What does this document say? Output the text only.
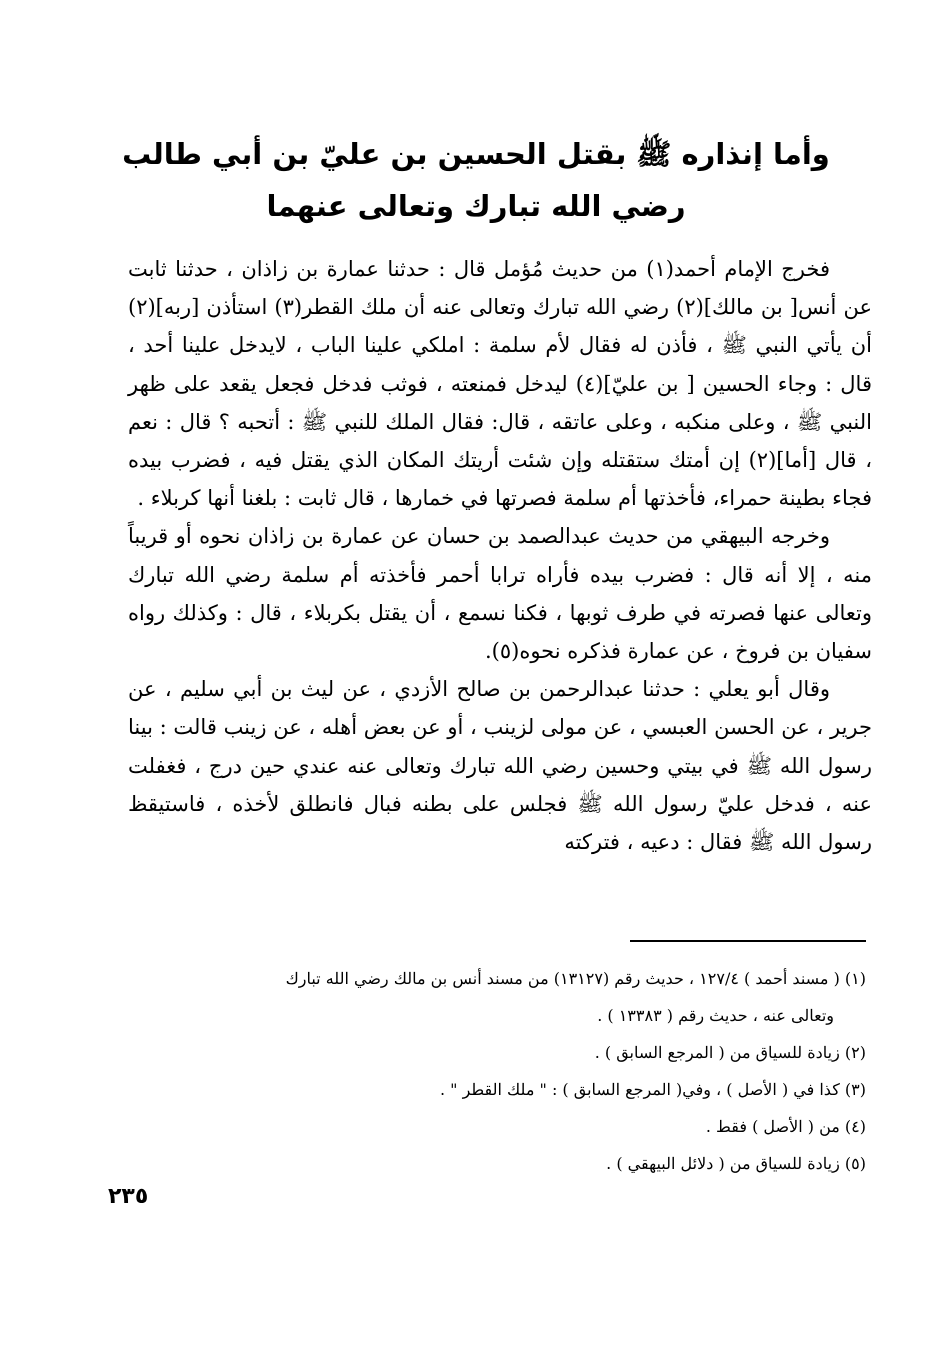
وأما إنذاره ﷺ بقتل الحسين بن عليّ بن أبي طالب
رضي الله تبارك وتعالى عنهما

فخرج الإمام أحمد(١) من حديث مُؤمل قال : حدثنا عمارة بن زاذان ، حدثنا ثابت عن أنس[ بن مالك](٢) رضي الله تبارك وتعالى عنه أن ملك القطر(٣) استأذن [ربه](٢) أن يأتي النبي ﷺ ، فأذن له فقال لأم سلمة : املكي علينا الباب ، لايدخل علينا أحد ، قال : وجاء الحسين [ بن عليّ](٤) ليدخل فمنعته ، فوثب فدخل فجعل يقعد على ظهر النبي ﷺ ، وعلى منكبه ، وعلى عاتقه ، قال: فقال الملك للنبي ﷺ : أتحبه ؟ قال : نعم ، قال [أما](٢) إن أمتك ستقتله وإن شئت أريتك المكان الذي يقتل فيه ، فضرب بيده فجاء بطينة حمراء، فأخذتها أم سلمة فصرتها في خمارها ، قال ثابت : بلغنا أنها كربلاء .

وخرجه البيهقي من حديث عبدالصمد بن حسان عن عمارة بن زاذان نحوه أو قريباً منه ، إلا أنه قال : فضرب بيده فأراه ترابا أحمر فأخذته أم سلمة رضي الله تبارك وتعالى عنها فصرته في طرف ثوبها ، فكنا نسمع ، أن يقتل بكربلاء ، قال : وكذلك رواه سفيان بن فروخ ، عن عمارة فذكره نحوه(٥).

وقال أبو يعلي : حدثنا عبدالرحمن بن صالح الأزدي ، عن ليث بن أبي سليم ، عن جرير ، عن الحسن العبسي ، عن مولى لزينب ، أو عن بعض أهله ، عن زينب قالت : بينا رسول الله ﷺ في بيتي وحسين رضي الله تبارك وتعالى عنه عندي حين درج ، فغفلت عنه ، فدخل عليّ رسول الله ﷺ فجلس على بطنه فبال فانطلق لأخذه ، فاستيقظ رسول الله ﷺ فقال : دعيه ، فتركته

(١) ( مسند أحمد ) ١٢٧/٤ ، حديث رقم (١٣١٢٧) من مسند أنس بن مالك رضي الله تبارك
وتعالى عنه ، حديث رقم ( ١٣٣٨٣ ) .
(٢) زيادة للسياق من ( المرجع السابق ) .
(٣) كذا في ( الأصل ) ، وفي( المرجع السابق ) : " ملك القطر " .
(٤) من ( الأصل ) فقط .
(٥) زيادة للسياق من ( دلائل البيهقي ) .
٢٣٥
